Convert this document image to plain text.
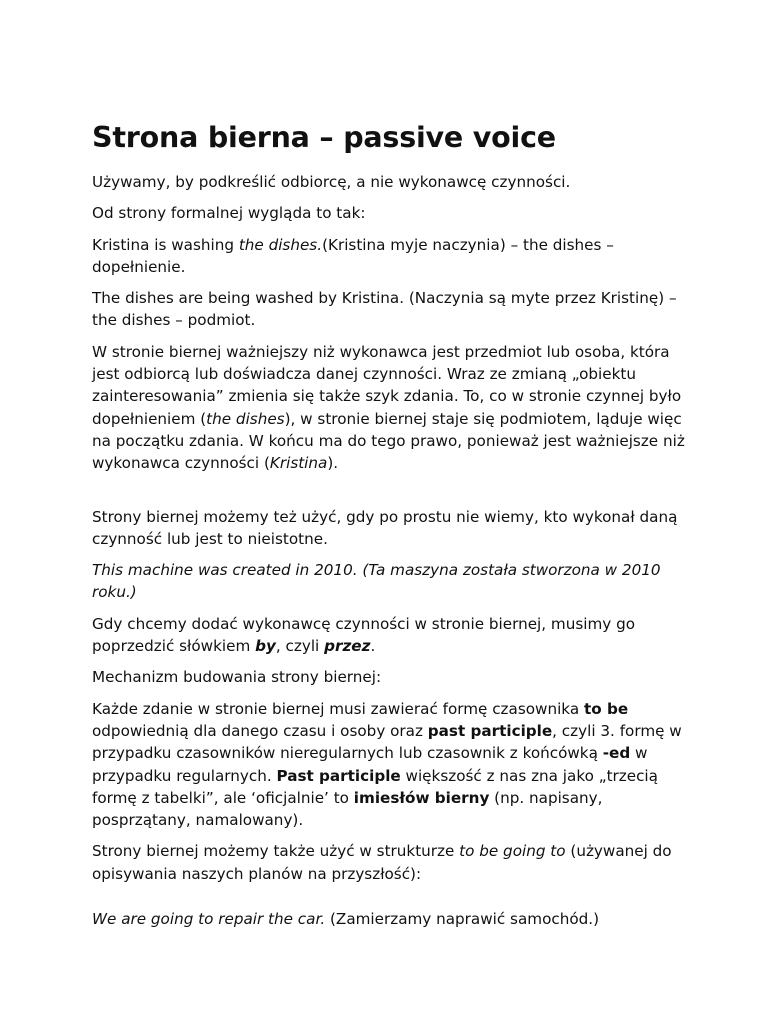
Strona bierna – passive voice

Używamy, by podkreślić odbiorcę, a nie wykonawcę czynności.

Od strony formalnej wygląda to tak:

Kristina is washing the dishes.(Kristina myje naczynia) – the dishes – dopełnienie.

The dishes are being washed by Kristina. (Naczynia są myte przez Kristinę) – the dishes – podmiot.

W stronie biernej ważniejszy niż wykonawca jest przedmiot lub osoba, która jest odbiorcą lub doświadcza danej czynności. Wraz ze zmianą „obiektu zainteresowania” zmienia się także szyk zdania. To, co w stronie czynnej było dopełnieniem (the dishes), w stronie biernej staje się podmiotem, ląduje więc na początku zdania. W końcu ma do tego prawo, ponieważ jest ważniejsze niż wykonawca czynności (Kristina).

Strony biernej możemy też użyć, gdy po prostu nie wiemy, kto wykonał daną czynność lub jest to nieistotne.

This machine was created in 2010. (Ta maszyna została stworzona w 2010 roku.)

Gdy chcemy dodać wykonawcę czynności w stronie biernej, musimy go poprzedzić słówkiem by, czyli przez.

Mechanizm budowania strony biernej:

Każde zdanie w stronie biernej musi zawierać formę czasownika to be odpowiednią dla danego czasu i osoby oraz past participle, czyli 3. formę w przypadku czasowników nieregularnych lub czasownik z końcówką -ed w przypadku regularnych. Past participle większość z nas zna jako „trzecią formę z tabelki”, ale ‘oficjalnie’ to imiesłów bierny (np. napisany, posprzątany, namalowany).

Strony biernej możemy także użyć w strukturze to be going to (używanej do opisywania naszych planów na przyszłość):

We are going to repair the car. (Zamierzamy naprawić samochód.)
